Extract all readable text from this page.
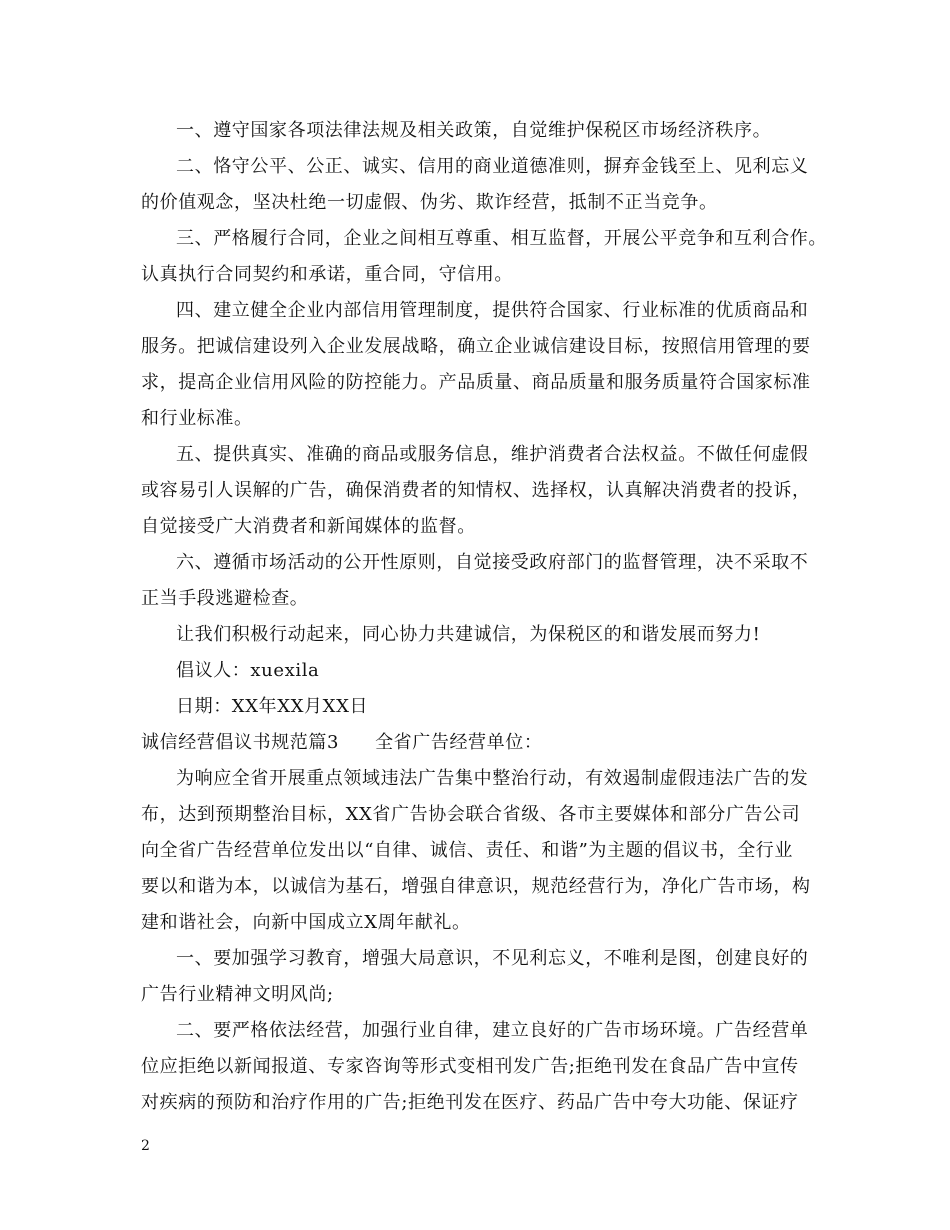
一、遵守国家各项法律法规及相关政策，自觉维护保税区市场经济秩序。
二、恪守公平、公正、诚实、信用的商业道德准则，摒弃金钱至上、见利忘义
的价值观念，坚决杜绝一切虚假、伪劣、欺诈经营，抵制不正当竞争。
三、严格履行合同，企业之间相互尊重、相互监督，开展公平竞争和互利合作。
认真执行合同契约和承诺，重合同，守信用。
四、建立健全企业内部信用管理制度，提供符合国家、行业标准的优质商品和
服务。把诚信建设列入企业发展战略，确立企业诚信建设目标，按照信用管理的要
求，提高企业信用风险的防控能力。产品质量、商品质量和服务质量符合国家标准
和行业标准。
五、提供真实、准确的商品或服务信息，维护消费者合法权益。不做任何虚假
或容易引人误解的广告，确保消费者的知情权、选择权，认真解决消费者的投诉，
自觉接受广大消费者和新闻媒体的监督。
六、遵循市场活动的公开性原则，自觉接受政府部门的监督管理，决不采取不
正当手段逃避检查。
让我们积极行动起来，同心协力共建诚信，为保税区的和谐发展而努力!
倡议人：xuexila
日期：XX年XX月XX日
诚信经营倡议书规范篇3 全省广告经营单位：
为响应全省开展重点领域违法广告集中整治行动，有效遏制虚假违法广告的发
布，达到预期整治目标，XX省广告协会联合省级、各市主要媒体和部分广告公司
向全省广告经营单位发出以“自律、诚信、责任、和谐”为主题的倡议书，全行业
要以和谐为本，以诚信为基石，增强自律意识，规范经营行为，净化广告市场，构
建和谐社会，向新中国成立X周年献礼。
一、要加强学习教育，增强大局意识，不见利忘义，不唯利是图，创建良好的
广告行业精神文明风尚;
二、要严格依法经营，加强行业自律，建立良好的广告市场环境。广告经营单
位应拒绝以新闻报道、专家咨询等形式变相刊发广告;拒绝刊发在食品广告中宣传
对疾病的预防和治疗作用的广告;拒绝刊发在医疗、药品广告中夸大功能、保证疗
2
